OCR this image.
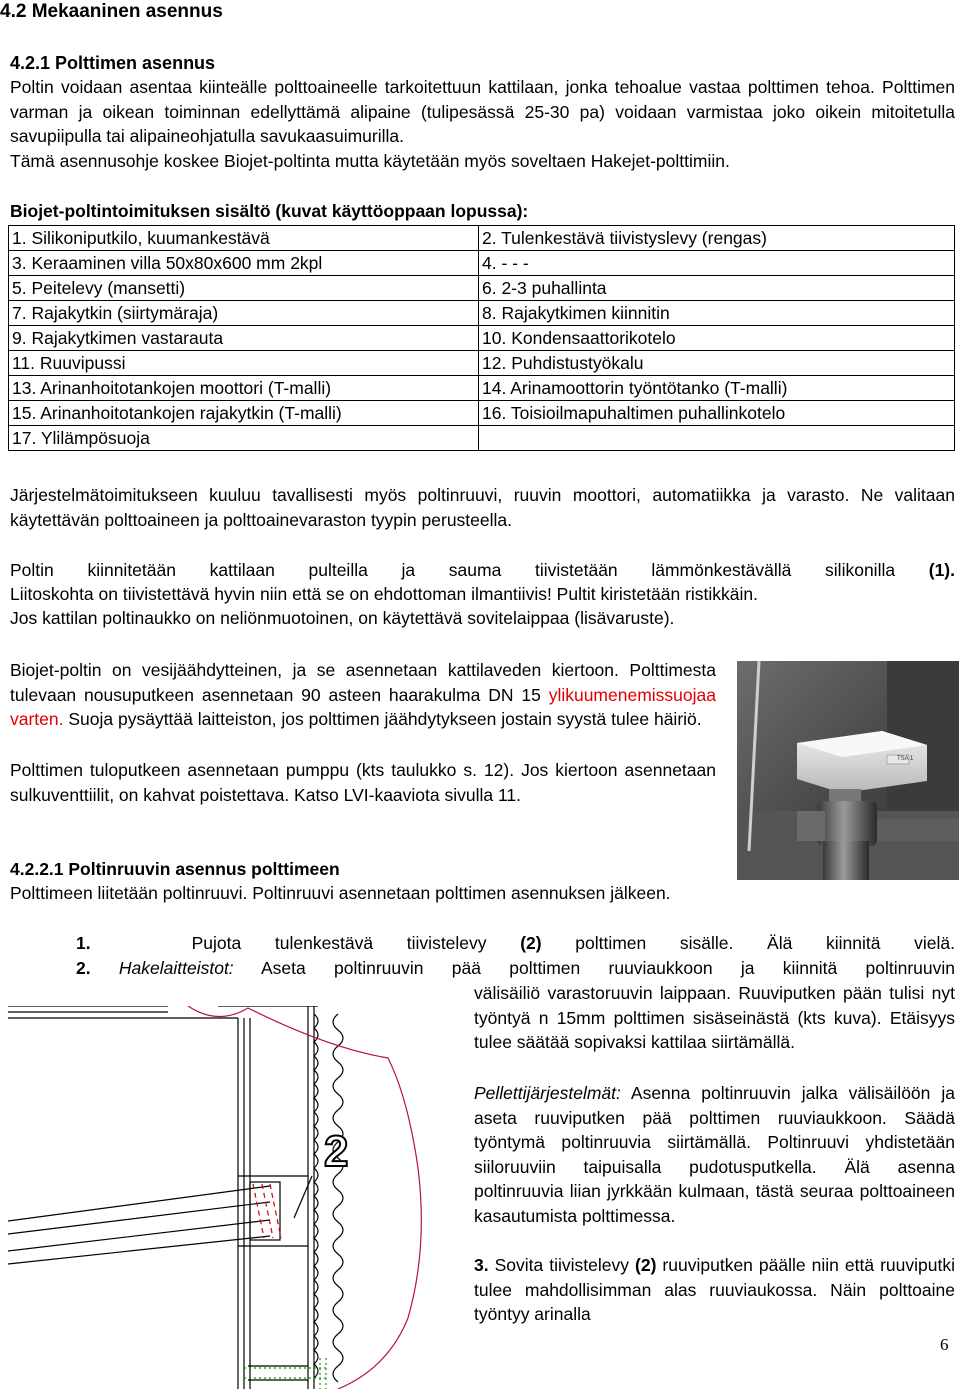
4.2 Mekaaninen asennus
4.2.1 Polttimen asennus
Poltin voidaan asentaa kiinteälle polttoaineelle tarkoitettuun kattilaan, jonka tehoalue vastaa polttimen tehoa. Polttimen varman ja oikean toiminnan edellyttämä alipaine (tulipesässä 25-30 pa) voidaan varmistaa joko oikein mitoitetulla savupiipulla tai alipaineohjatulla savukaasuimurilla.
Tämä asennusohje koskee Biojet-poltinta mutta käytetään myös soveltaen Hakejet-polttimiin.
Biojet-poltintoimituksen sisältö (kuvat käyttöoppaan lopussa):
1. Silikoniputkilo, kuumankestävä	2. Tulenkestävä tiivistyslevy (rengas)
3. Keraaminen villa 50x80x600 mm 2kpl	4. - - -
5. Peitelevy (mansetti)	6. 2-3 puhallinta
7. Rajakytkin (siirtymäraja)	8. Rajakytkimen kiinnitin
9. Rajakytkimen vastarauta	10. Kondensaattorikotelo
11. Ruuvipussi	12. Puhdistustyökalu
13. Arinanhoitotankojen moottori (T-malli)	14. Arinamoottorin työntötanko (T-malli)
15. Arinanhoitotankojen rajakytkin (T-malli)	16. Toisioilmapuhaltimen puhallinkotelo
17. Ylilämpösuoja	
Järjestelmätoimitukseen kuuluu tavallisesti myös poltinruuvi, ruuvin moottori, automatiikka ja varasto. Ne valitaan käytettävän polttoaineen ja polttoainevaraston tyypin perusteella.
Poltin kiinnitetään kattilaan pulteilla ja sauma tiivistetään lämmönkestävällä silikonilla (1).
Liitoskohta on tiivistettävä hyvin niin että se on ehdottoman ilmantiivis! Pultit kiristetään ristikkäin.
Jos kattilan poltinaukko on neliönmuotoinen, on käytettävä sovitelaippaa (lisävaruste).
Biojet-poltin on vesijäähdytteinen, ja se asennetaan kattilaveden kiertoon. Polttimesta tulevaan nousuputkeen asennetaan 90 asteen haarakulma DN 15 ylikuumenemissuojaa varten. Suoja pysäyttää laitteiston, jos polttimen jäähdytykseen jostain syystä tulee häiriö.
Polttimen tuloputkeen asennetaan pumppu (kts taulukko s. 12). Jos kiertoon asennetaan sulkuventtiilit, on kahvat poistettava. Katso LVI-kaaviota sivulla 11.
TSA 1
4.2.2.1 Poltinruuvin asennus polttimeen
Polttimeen liitetään poltinruuvi. Poltinruuvi asennetaan polttimen asennuksen jälkeen.
1.	Pujota tulenkestävä tiivistelevy (2) polttimen sisälle. Älä kiinnitä vielä.
2. Hakelaitteistot: Aseta poltinruuvin pää polttimen ruuviaukkoon ja kiinnitä poltinruuvin
välisäiliö varastoruuvin laippaan. Ruuviputken pään tulisi nyt työntyä n 15mm polttimen sisäseinästä (kts kuva). Etäisyys tulee säätää sopivaksi kattilaa siirtämällä.
Pellettijärjestelmät: Asenna poltinruuvin jalka välisäilöön ja aseta ruuviputken pää polttimen ruuviaukkoon. Säädä työntymä poltinruuvia siirtämällä. Poltinruuvi yhdistetään siiloruuviin taipuisalla pudotusputkella. Älä asenna poltinruuvia liian jyrkkään kulmaan, tästä seuraa polttoaineen kasautumista polttimessa.
3. Sovita tiivistelevy (2) ruuviputken päälle niin että ruuviputki tulee mahdollisimman alas ruuviaukossa. Näin polttoaine työntyy arinalla
2
6
